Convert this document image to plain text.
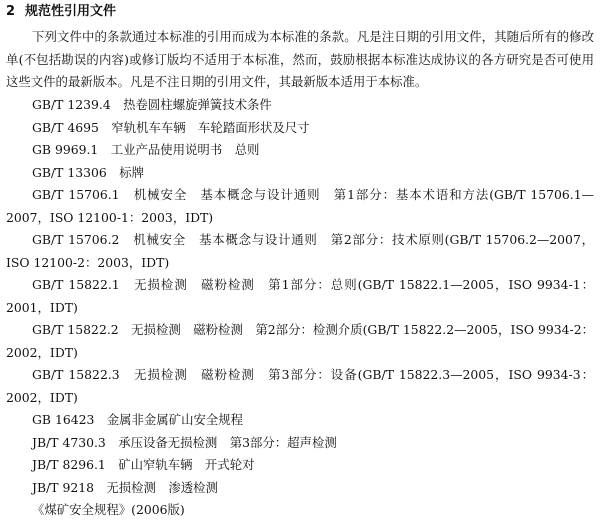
2 规范性引用文件
下列文件中的条款通过本标准的引用而成为本标准的条款。凡是注日期的引用文件，其随后所有的修改单(不包括勘误的内容)或修订版均不适用于本标准，然而，鼓励根据本标准达成协议的各方研究是否可使用这些文件的最新版本。凡是不注日期的引用文件，其最新版本适用于本标准。
GB/T 1239.4　热卷圆柱螺旋弹簧技术条件
GB/T 4695　窄轨机车车辆　车轮踏面形状及尺寸
GB 9969.1　工业产品使用说明书　总则
GB/T 13306　标牌
GB/T 15706.1　机械安全　基本概念与设计通则　第1部分：基本术语和方法(GB/T 15706.1—2007，ISO 12100-1：2003，IDT)
GB/T 15706.2　机械安全　基本概念与设计通则　第2部分：技术原则(GB/T 15706.2—2007，ISO 12100-2：2003，IDT)
GB/T 15822.1　无损检测　磁粉检测　第1部分：总则(GB/T 15822.1—2005，ISO 9934-1：2001，IDT)
GB/T 15822.2　无损检测　磁粉检测　第2部分：检测介质(GB/T 15822.2—2005，ISO 9934-2：2002，IDT)
GB/T 15822.3　无损检测　磁粉检测　第3部分：设备(GB/T 15822.3—2005，ISO 9934-3：2002，IDT)
GB 16423　金属非金属矿山安全规程
JB/T 4730.3　承压设备无损检测　第3部分：超声检测
JB/T 8296.1　矿山窄轨车辆　开式轮对
JB/T 9218　无损检测　渗透检测
《煤矿安全规程》(2006版)
